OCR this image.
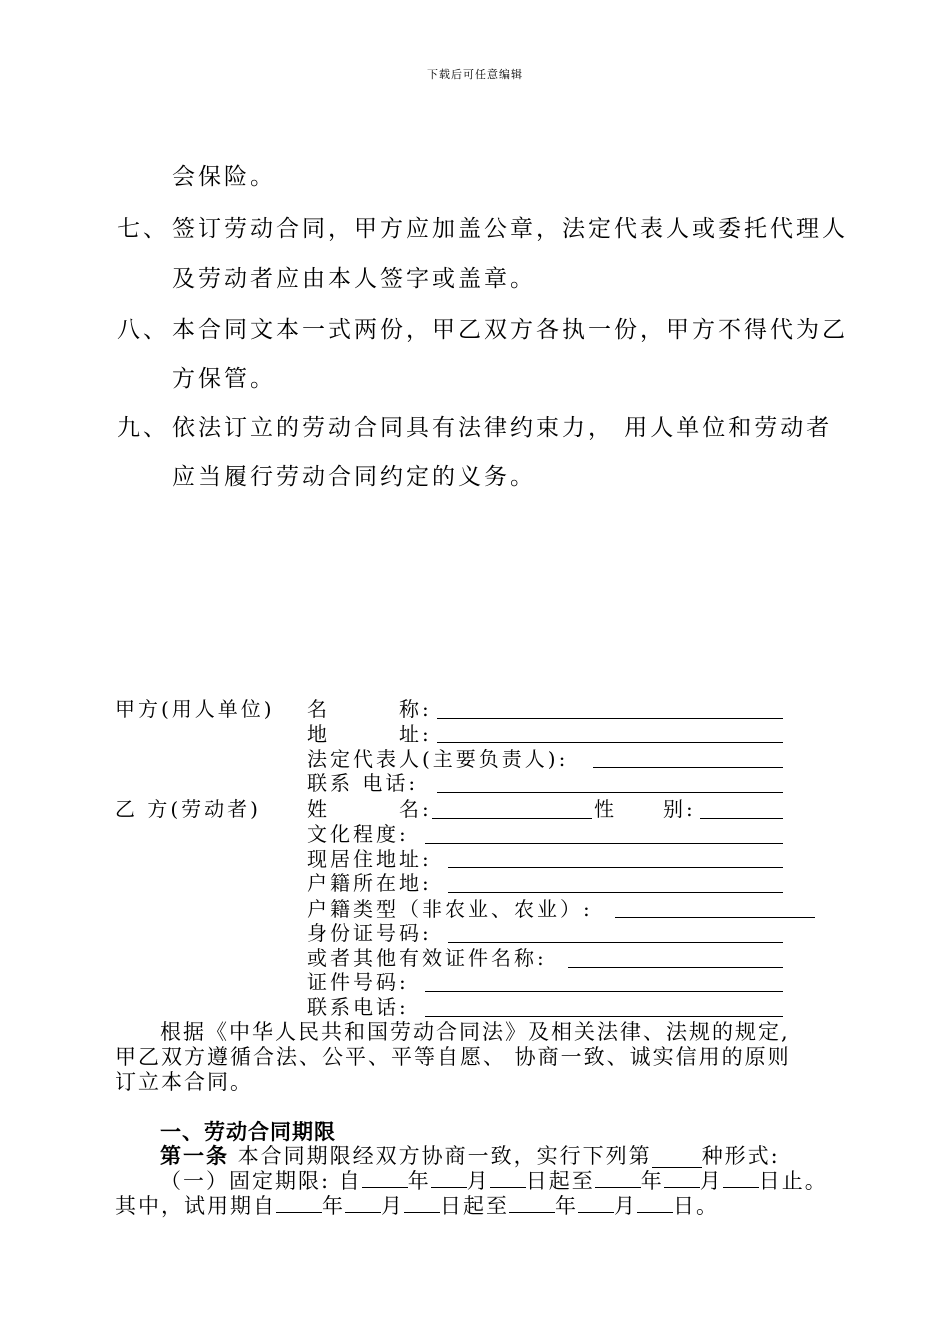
下载后可任意编辑
会保险。
七、 签订劳动合同，甲方应加盖公章，法定代表人或委托代理人
及劳动者应由本人签字或盖章。
八、 本合同文本一式两份，甲乙双方各执一份，甲方不得代为乙
方保管。
九、 依法订立的劳动合同具有法律约束力， 用人单位和劳动者
应当履行劳动合同约定的义务。
甲方(用人单位) 名　　　称:
地　　　址:
法定代表人(主要负责人):
联系 电话:
乙 方(劳动者) 姓　　　名:	性　　别:
文化程度:
现居住地址:
户籍所在地:
户籍类型（非农业、农业）:
身份证号码:
或者其他有效证件名称:
证件号码:
联系电话:
根据《中华人民共和国劳动合同法》及相关法律、法规的规定,
甲乙双方遵循合法、公平、平等自愿、 协商一致、诚实信用的原则
订立本合同。
一、劳动合同期限
第一条 本合同期限经双方协商一致，实行下列第 种形式:
（一）固定期限: 自 年 月 日起至 年 月 日止。
其中，试用期自 年 月 日起至 年 月 日。
